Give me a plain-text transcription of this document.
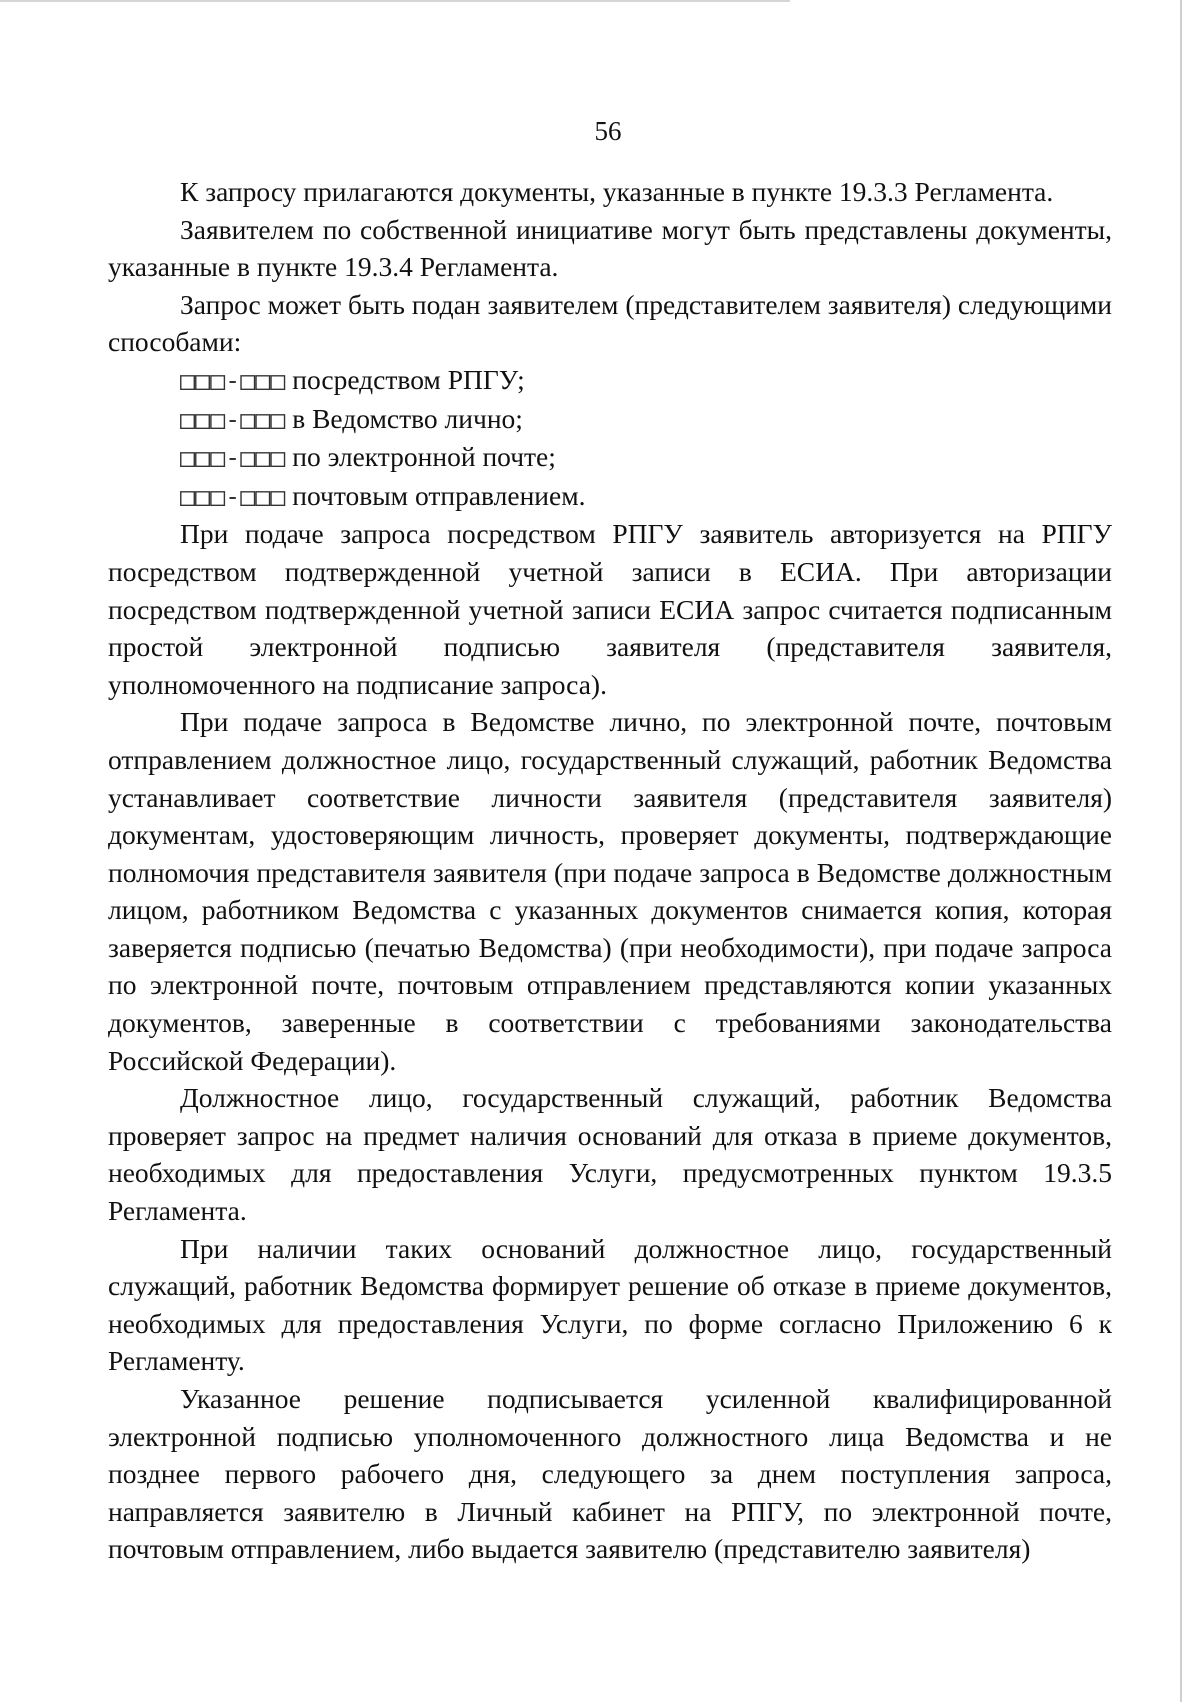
56

К запросу прилагаются документы, указанные в пункте 19.3.3 Регламента.

Заявителем по собственной инициативе могут быть представлены документы, указанные в пункте 19.3.4 Регламента.

Запрос может быть подан заявителем (представителем заявителя) следующими способами:

□□□-□□□ посредством РПГУ;

□□□-□□□ в Ведомство лично;

□□□-□□□ по электронной почте;

□□□-□□□ почтовым отправлением.

При подаче запроса посредством РПГУ заявитель авторизуется на РПГУ посредством подтвержденной учетной записи в ЕСИА. При авторизации посредством подтвержденной учетной записи ЕСИА запрос считается подписанным простой электронной подписью заявителя (представителя заявителя, уполномоченного на подписание запроса).

При подаче запроса в Ведомстве лично, по электронной почте, почтовым отправлением должностное лицо, государственный служащий, работник Ведомства устанавливает соответствие личности заявителя (представителя заявителя) документам, удостоверяющим личность, проверяет документы, подтверждающие полномочия представителя заявителя (при подаче запроса в Ведомстве должностным лицом, работником Ведомства с указанных документов снимается копия, которая заверяется подписью (печатью Ведомства) (при необходимости), при подаче запроса по электронной почте, почтовым отправлением представляются копии указанных документов, заверенные в соответствии с требованиями законодательства Российской Федерации).

Должностное лицо, государственный служащий, работник Ведомства проверяет запрос на предмет наличия оснований для отказа в приеме документов, необходимых для предоставления Услуги, предусмотренных пунктом 19.3.5 Регламента.

При наличии таких оснований должностное лицо, государственный служащий, работник Ведомства формирует решение об отказе в приеме документов, необходимых для предоставления Услуги, по форме согласно Приложению 6 к Регламенту.

Указанное решение подписывается усиленной квалифицированной электронной подписью уполномоченного должностного лица Ведомства и не позднее первого рабочего дня, следующего за днем поступления запроса, направляется заявителю в Личный кабинет на РПГУ, по электронной почте, почтовым отправлением, либо выдается заявителю (представителю заявителя)
